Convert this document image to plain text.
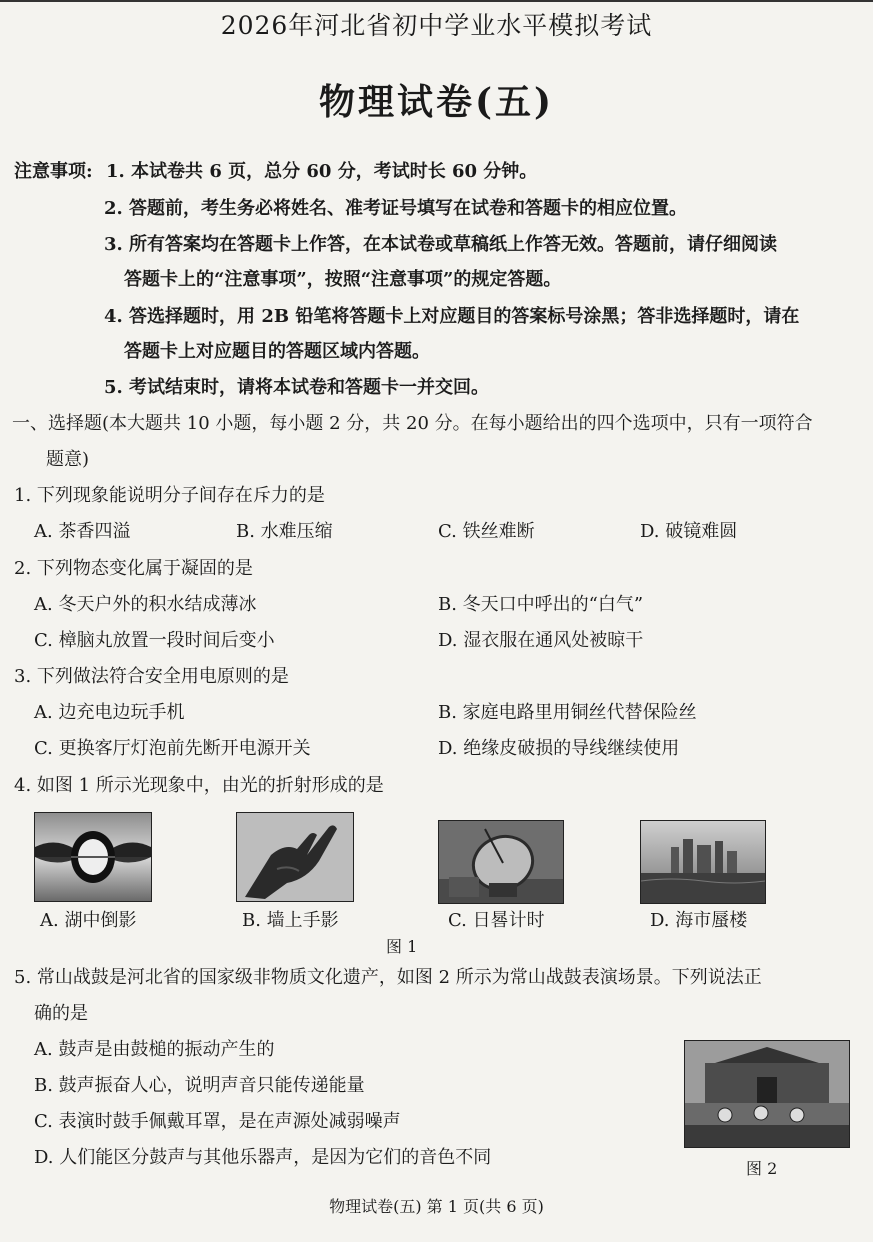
2026年河北省初中学业水平模拟考试
物理试卷(五)
注意事项: 1. 本试卷共 6 页，总分 60 分，考试时长 60 分钟。
2. 答题前，考生务必将姓名、准考证号填写在试卷和答题卡的相应位置。
3. 所有答案均在答题卡上作答，在本试卷或草稿纸上作答无效。答题前，请仔细阅读
答题卡上的“注意事项”，按照“注意事项”的规定答题。
4. 答选择题时，用 2B 铅笔将答题卡上对应题目的答案标号涂黑；答非选择题时，请在
答题卡上对应题目的答题区域内答题。
5. 考试结束时，请将本试卷和答题卡一并交回。
一、选择题(本大题共 10 小题，每小题 2 分，共 20 分。在每小题给出的四个选项中，只有一项符合
题意)
1. 下列现象能说明分子间存在斥力的是
A. 茶香四溢	B. 水难压缩	C. 铁丝难断	D. 破镜难圆
2. 下列物态变化属于凝固的是
A. 冬天户外的积水结成薄冰	B. 冬天口中呼出的“白气”
C. 樟脑丸放置一段时间后变小	D. 湿衣服在通风处被晾干
3. 下列做法符合安全用电原则的是
A. 边充电边玩手机	B. 家庭电路里用铜丝代替保险丝
C. 更换客厅灯泡前先断开电源开关	D. 绝缘皮破损的导线继续使用
4. 如图 1 所示光现象中，由光的折射形成的是
A. 湖中倒影	B. 墙上手影	C. 日晷计时	D. 海市蜃楼
图 1
5. 常山战鼓是河北省的国家级非物质文化遗产，如图 2 所示为常山战鼓表演场景。下列说法正
确的是
A. 鼓声是由鼓槌的振动产生的
B. 鼓声振奋人心，说明声音只能传递能量
C. 表演时鼓手佩戴耳罩，是在声源处减弱噪声
D. 人们能区分鼓声与其他乐器声，是因为它们的音色不同
图 2
物理试卷(五) 第 1 页(共 6 页)
